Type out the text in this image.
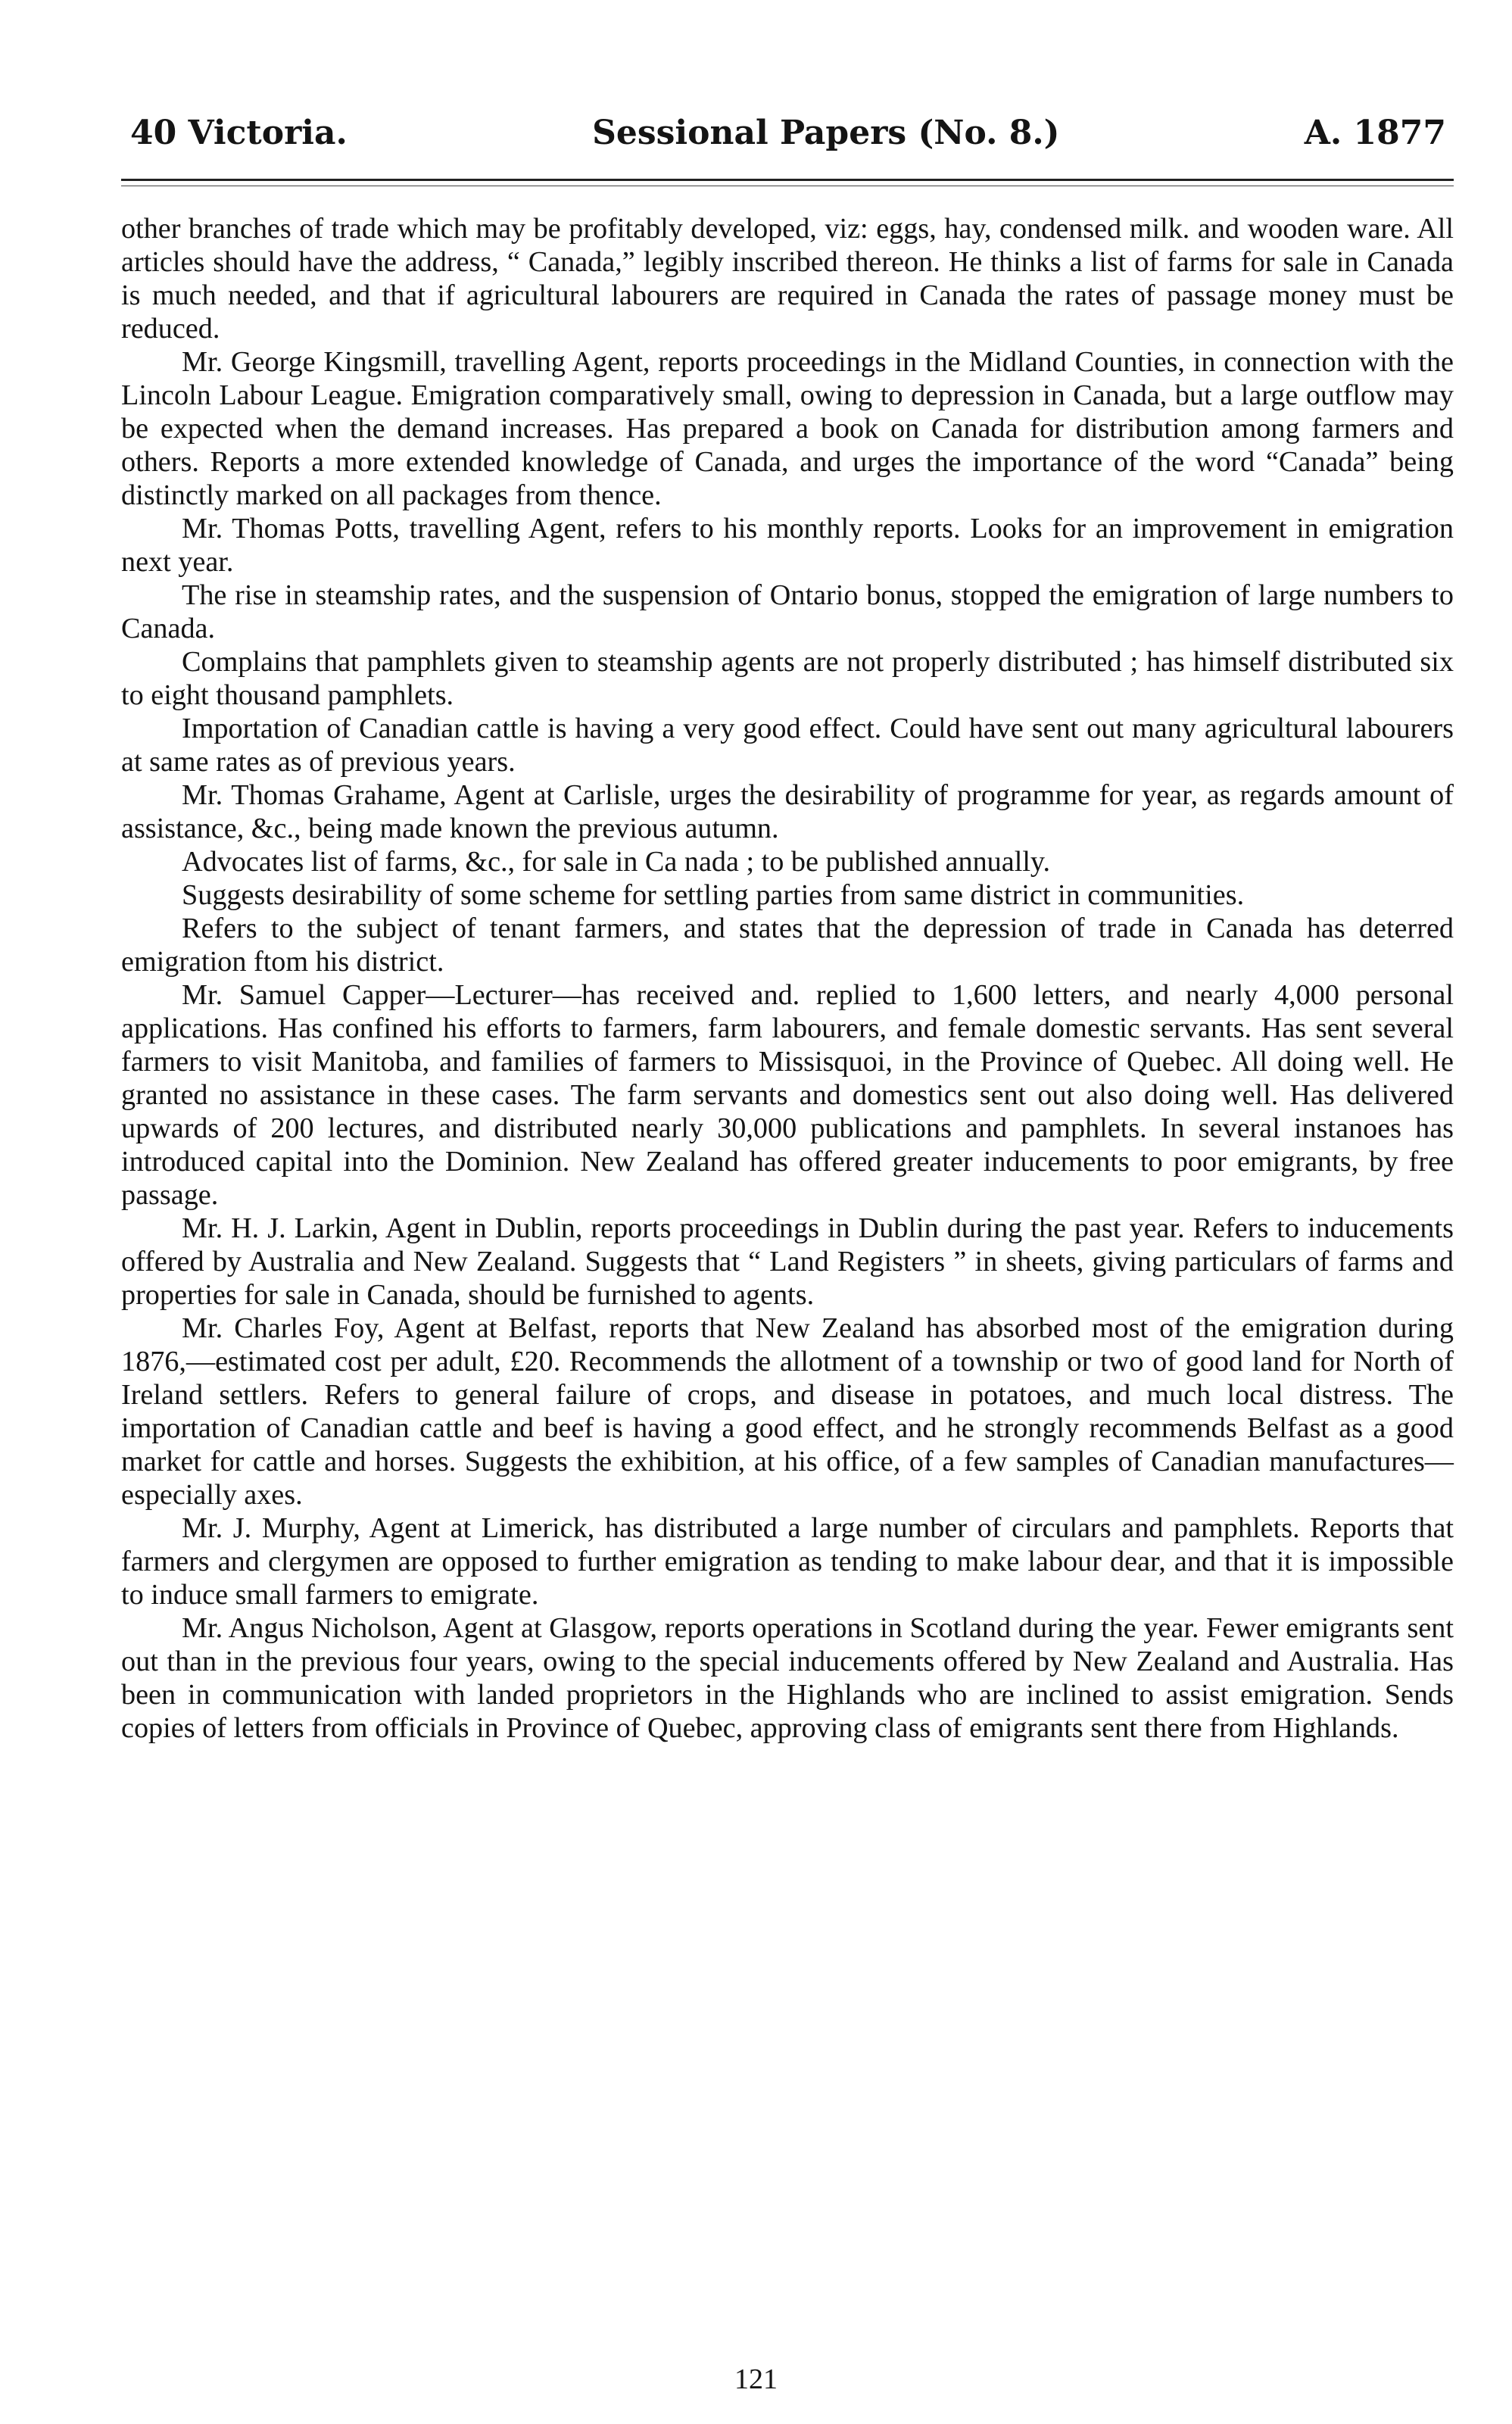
40 Victoria.	Sessional Papers (No. 8.)	A. 1877

other branches of trade which may be profitably developed, viz: eggs, hay, condensed milk. and wooden ware. All articles should have the address, “ Canada,” legibly inscribed thereon. He thinks a list of farms for sale in Canada is much needed, and that if agricultural labourers are required in Canada the rates of passage money must be reduced.

Mr. George Kingsmill, travelling Agent, reports proceedings in the Midland Counties, in connection with the Lincoln Labour League. Emigration comparatively small, owing to depression in Canada, but a large outflow may be expected when the demand increases. Has prepared a book on Canada for distribution among farmers and others. Reports a more extended knowledge of Canada, and urges the importance of the word “Canada” being distinctly marked on all packages from thence.

Mr. Thomas Potts, travelling Agent, refers to his monthly reports. Looks for an improvement in emigration next year.

The rise in steamship rates, and the suspension of Ontario bonus, stopped the emigration of large numbers to Canada.

Complains that pamphlets given to steamship agents are not properly distributed ; has himself distributed six to eight thousand pamphlets.

Importation of Canadian cattle is having a very good effect. Could have sent out many agricultural labourers at same rates as of previous years.

Mr. Thomas Grahame, Agent at Carlisle, urges the desirability of programme for year, as regards amount of assistance, &c., being made known the previous autumn.

Advocates list of farms, &c., for sale in Ca nada ; to be published annually.

Suggests desirability of some scheme for settling parties from same district in communities.

Refers to the subject of tenant farmers, and states that the depression of trade in Canada has deterred emigration ftom his district.

Mr. Samuel Capper—Lecturer—has received and. replied to 1,600 letters, and nearly 4,000 personal applications. Has confined his efforts to farmers, farm labourers, and female domestic servants. Has sent several farmers to visit Manitoba, and families of farmers to Missisquoi, in the Province of Quebec. All doing well. He granted no assistance in these cases. The farm servants and domestics sent out also doing well. Has delivered upwards of 200 lectures, and distributed nearly 30,000 publications and pamphlets. In several instanoes has introduced capital into the Dominion. New Zealand has offered greater inducements to poor emigrants, by free passage.

Mr. H. J. Larkin, Agent in Dublin, reports proceedings in Dublin during the past year. Refers to inducements offered by Australia and New Zealand. Suggests that “ Land Registers ” in sheets, giving particulars of farms and properties for sale in Canada, should be furnished to agents.

Mr. Charles Foy, Agent at Belfast, reports that New Zealand has absorbed most of the emigration during 1876,—estimated cost per adult, £20. Recommends the allotment of a township or two of good land for North of Ireland settlers. Refers to general failure of crops, and disease in potatoes, and much local distress. The importation of Canadian cattle and beef is having a good effect, and he strongly recommends Belfast as a good market for cattle and horses. Suggests the exhibition, at his office, of a few samples of Canadian manufactures—especially axes.

Mr. J. Murphy, Agent at Limerick, has distributed a large number of circulars and pamphlets. Reports that farmers and clergymen are opposed to further emigration as tending to make labour dear, and that it is impossible to induce small farmers to emigrate.

Mr. Angus Nicholson, Agent at Glasgow, reports operations in Scotland during the year. Fewer emigrants sent out than in the previous four years, owing to the special inducements offered by New Zealand and Australia. Has been in communication with landed proprietors in the Highlands who are inclined to assist emigration. Sends copies of letters from officials in Province of Quebec, approving class of emigrants sent there from Highlands.

121
